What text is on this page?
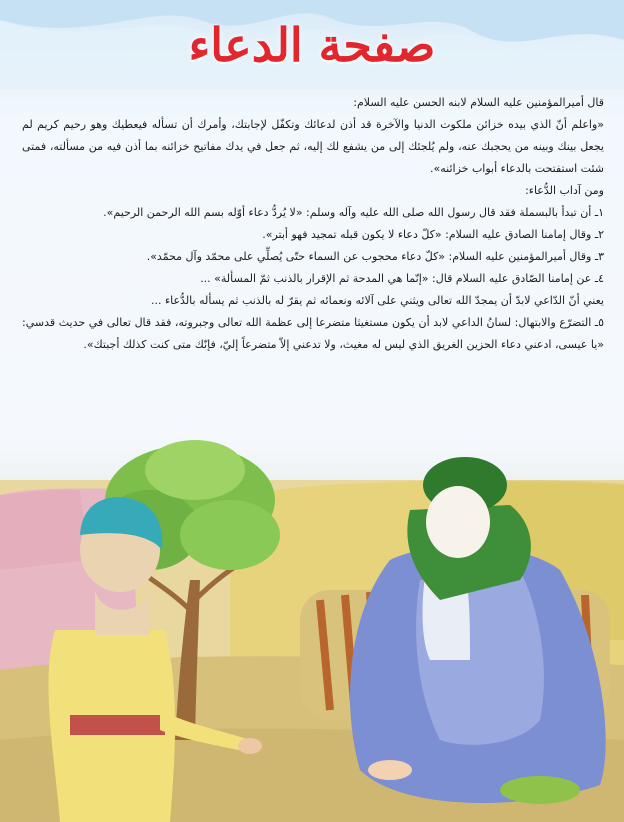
صفحة الدعاء

قال أميرالمؤمنين عليه السلام لابنه الحسن عليه السلام:

«واعلم أنّ الذي بيده خزائن ملكوت الدنيا والآخرة قد أذن لدعائك وتكفّل لإجابتك، وأمرك أن تسأله فيعطيك وهو رحيم كريم لم يجعل بينك وبينه من يحجبك عنه، ولم يُلجئك إلى من يشفع لك إليه، ثم جعل في يدك مفاتيح خزائنه بما أذن فيه من مسألته، فمتى شئت استفتحت بالدعاء أبواب خزائنه».

ومن آداب الدُّعاء:

١ـ أن تبدأ بالبسملة فقد قال رسول الله صلى الله عليه وآله وسلم: «لا يُردُّ دعاء أوّله بسم الله الرحمن الرحيم».

٢ـ وقال إمامنا الصادق عليه السلام: «كلّ دعاء لا يكون قبله تمجيد فهو أبتر».

٣ـ وقال أميرالمؤمنين عليه السلام: «كلّ دعاء محجوب عن السماء حتّى يُصلِّي على محمّد وآل محمّد».

٤ـ عن إمامنا الصّادق عليه السلام قال: «إنّما هي المدحة ثم الإقرار بالذنب ثمّ المسألة» ...

يعني أنّ الدّاعي لابدّ أن يمجدّ الله تعالى ويثني على آلائه ونعمائه ثم يقرّ له بالذنب ثم يسأله بالدُّعاء ...

٥ـ التضرّع والابتهال: لسانُ الداعي لابد أن يكون مستغيثا متضرعا إلى عظمة الله تعالى وجبروته، فقد قال تعالى في حديث قدسي: «يا عيسى، ادعني دعاء الحزين الغريق الذي ليس له مغيث، ولا تدعني إلاّ متضرعاً إليّ، فإنّك متى كنت كذلك أجبتك».
